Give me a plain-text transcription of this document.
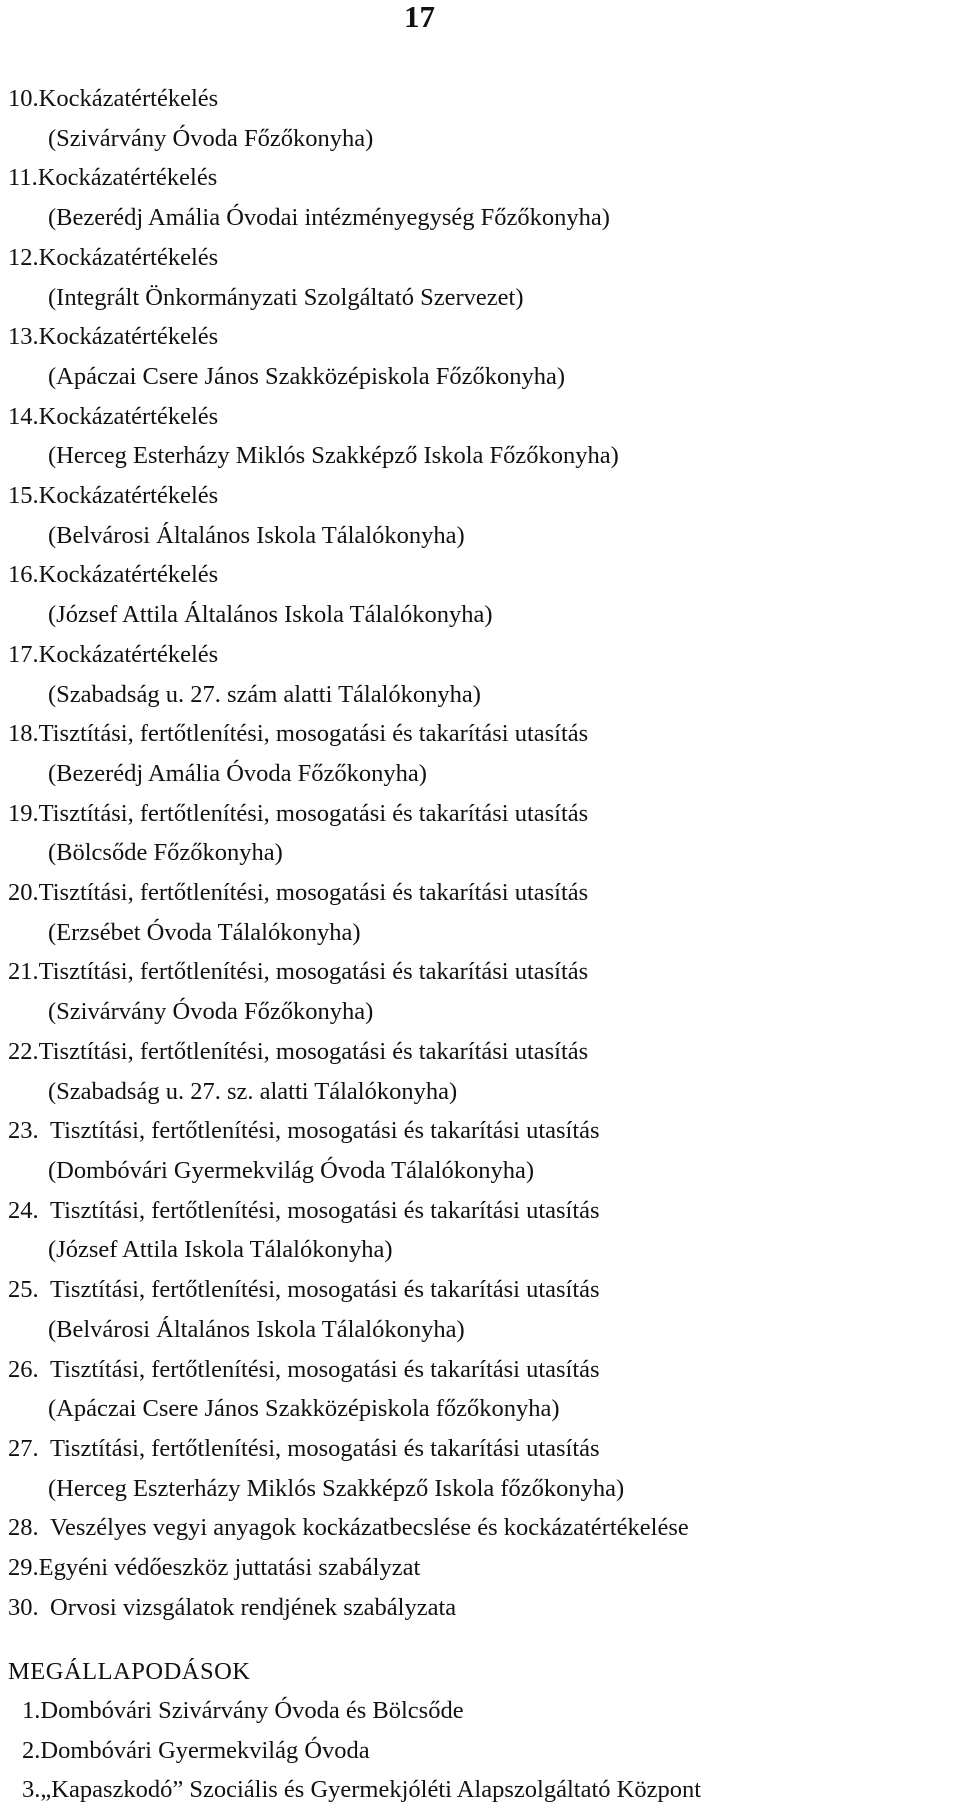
17
10.Kockázatértékelés
(Szivárvány Óvoda Főzőkonyha)
11.Kockázatértékelés
(Bezerédj Amália Óvodai intézményegység Főzőkonyha)
12.Kockázatértékelés
(Integrált Önkormányzati Szolgáltató Szervezet)
13.Kockázatértékelés
(Apáczai Csere János Szakközépiskola Főzőkonyha)
14.Kockázatértékelés
(Herceg Esterházy Miklós Szakképző Iskola Főzőkonyha)
15.Kockázatértékelés
(Belvárosi Általános Iskola Tálalókonyha)
16.Kockázatértékelés
(József Attila Általános Iskola Tálalókonyha)
17.Kockázatértékelés
(Szabadság u. 27. szám alatti Tálalókonyha)
18.Tisztítási, fertőtlenítési, mosogatási és takarítási utasítás
(Bezerédj Amália Óvoda Főzőkonyha)
19.Tisztítási, fertőtlenítési, mosogatási és takarítási utasítás
(Bölcsőde Főzőkonyha)
20.Tisztítási, fertőtlenítési, mosogatási és takarítási utasítás
(Erzsébet Óvoda Tálalókonyha)
21.Tisztítási, fertőtlenítési, mosogatási és takarítási utasítás
(Szivárvány Óvoda Főzőkonyha)
22.Tisztítási, fertőtlenítési, mosogatási és takarítási utasítás
(Szabadság u. 27. sz. alatti Tálalókonyha)
23. Tisztítási, fertőtlenítési, mosogatási és takarítási utasítás
(Dombóvári Gyermekvilág Óvoda Tálalókonyha)
24. Tisztítási, fertőtlenítési, mosogatási és takarítási utasítás
(József Attila Iskola Tálalókonyha)
25. Tisztítási, fertőtlenítési, mosogatási és takarítási utasítás
(Belvárosi Általános Iskola Tálalókonyha)
26. Tisztítási, fertőtlenítési, mosogatási és takarítási utasítás
(Apáczai Csere János Szakközépiskola főzőkonyha)
27. Tisztítási, fertőtlenítési, mosogatási és takarítási utasítás
(Herceg Eszterházy Miklós Szakképző Iskola főzőkonyha)
28. Veszélyes vegyi anyagok kockázatbecslése és kockázatértékelése
29.Egyéni védőeszköz juttatási szabályzat
30. Orvosi vizsgálatok rendjének szabályzata
MEGÁLLAPODÁSOK
1.Dombóvári Szivárvány Óvoda és Bölcsőde
2.Dombóvári Gyermekvilág Óvoda
3.„Kapaszkodó” Szociális és Gyermekjóléti Alapszolgáltató Központ
